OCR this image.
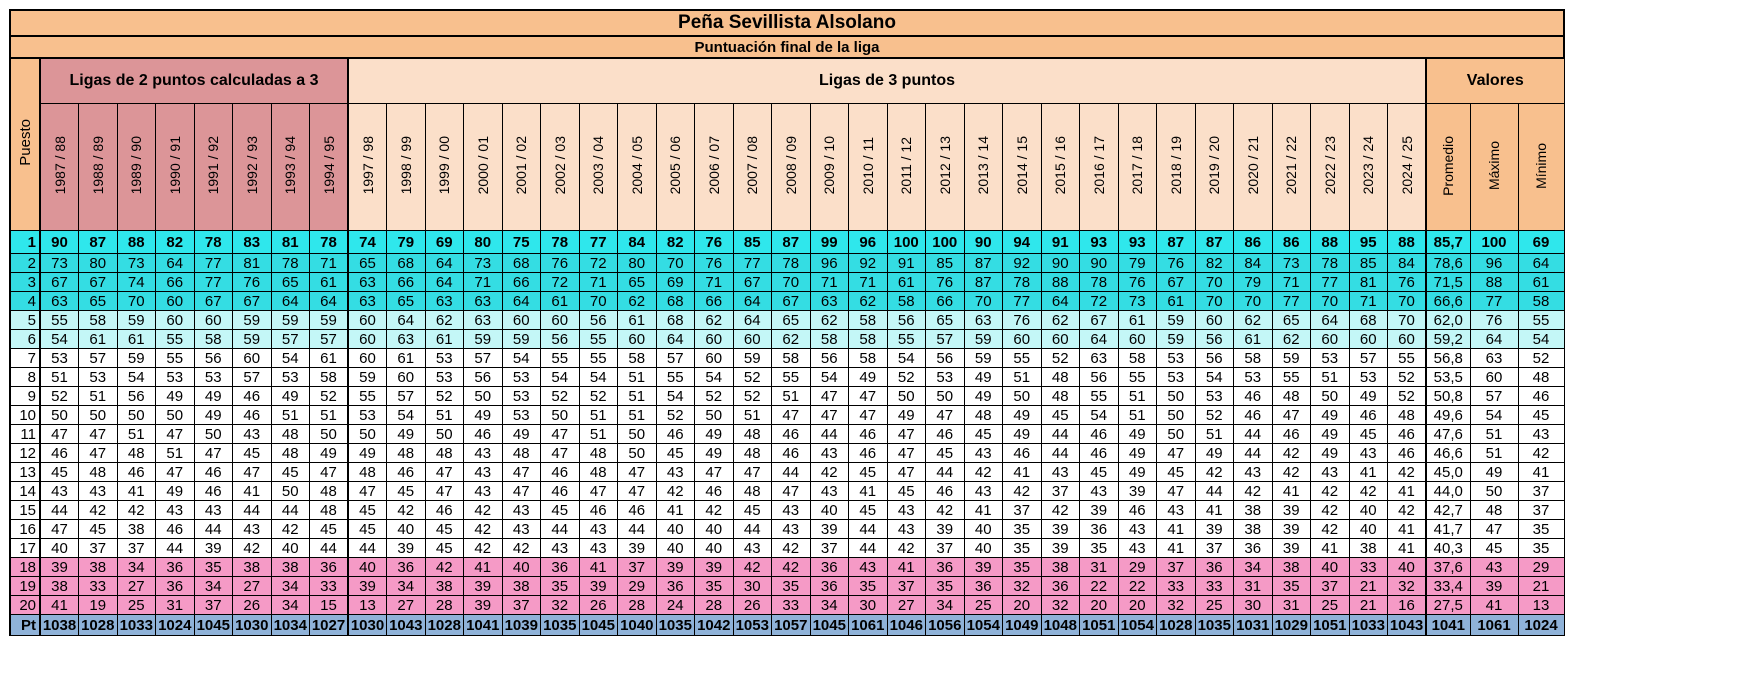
Peña Sevillista Alsolano																																							
Puntuación final de la liga																																							
Puesto	Ligas de 2 puntos calculadas a 3								Ligas de 3 puntos																												Valores		
	1987 / 88	1988 / 89	1989 / 90	1990 / 91	1991 / 92	1992 / 93	1993 / 94	1994 / 95	1997 / 98	1998 / 99	1999 / 00	2000 / 01	2001 / 02	2002 / 03	2003 / 04	2004 / 05	2005 / 06	2006 / 07	2007 / 08	2008 / 09	2009 / 10	2010 / 11	2011 / 12	2012 / 13	2013 / 14	2014 / 15	2015 / 16	2016 / 17	2017 / 18	2018 / 19	2019 / 20	2020 / 21	2021 / 22	2022 / 23	2023 / 24	2024 / 25	Promedio	Máximo	Mínimo
1	90	87	88	82	78	83	81	78	74	79	69	80	75	78	77	84	82	76	85	87	99	96	100	100	90	94	91	93	93	87	87	86	86	88	95	88	85,7	100	69
2	73	80	73	64	77	81	78	71	65	68	64	73	68	76	72	80	70	76	77	78	96	92	91	85	87	92	90	90	79	76	82	84	73	78	85	84	78,6	96	64
3	67	67	74	66	77	76	65	61	63	66	64	71	66	72	71	65	69	71	67	70	71	71	61	76	87	78	88	78	76	67	70	79	71	77	81	76	71,5	88	61
4	63	65	70	60	67	67	64	64	63	65	63	63	64	61	70	62	68	66	64	67	63	62	58	66	70	77	64	72	73	61	70	70	77	70	71	70	66,6	77	58
5	55	58	59	60	60	59	59	59	60	64	62	63	60	60	56	61	68	62	64	65	62	58	56	65	63	76	62	67	61	59	60	62	65	64	68	70	62,0	76	55
6	54	61	61	55	58	59	57	57	60	63	61	59	59	56	55	60	64	60	60	62	58	58	55	57	59	60	60	64	60	59	56	61	62	60	60	60	59,2	64	54
7	53	57	59	55	56	60	54	61	60	61	53	57	54	55	55	58	57	60	59	58	56	58	54	56	59	55	52	63	58	53	56	58	59	53	57	55	56,8	63	52
8	51	53	54	53	53	57	53	58	59	60	53	56	53	54	54	51	55	54	52	55	54	49	52	53	49	51	48	56	55	53	54	53	55	51	53	52	53,5	60	48
9	52	51	56	49	49	46	49	52	55	57	52	50	53	52	52	51	54	52	52	51	47	47	50	50	49	50	48	55	51	50	53	46	48	50	49	52	50,8	57	46
10	50	50	50	50	49	46	51	51	53	54	51	49	53	50	51	51	52	50	51	47	47	47	49	47	48	49	45	54	51	50	52	46	47	49	46	48	49,6	54	45
11	47	47	51	47	50	43	48	50	50	49	50	46	49	47	51	50	46	49	48	46	44	46	47	46	45	49	44	46	49	50	51	44	46	49	45	46	47,6	51	43
12	46	47	48	51	47	45	48	49	49	48	48	43	48	47	48	50	45	49	48	46	43	46	47	45	43	46	44	46	49	47	49	44	42	49	43	46	46,6	51	42
13	45	48	46	47	46	47	45	47	48	46	47	43	47	46	48	47	43	47	47	44	42	45	47	44	42	41	43	45	49	45	42	43	42	43	41	42	45,0	49	41
14	43	43	41	49	46	41	50	48	47	45	47	43	47	46	47	47	42	46	48	47	43	41	45	46	43	42	37	43	39	47	44	42	41	42	42	41	44,0	50	37
15	44	42	42	43	43	44	44	48	45	42	46	42	43	45	46	46	41	42	45	43	40	45	43	42	41	37	42	39	46	43	41	38	39	42	40	42	42,7	48	37
16	47	45	38	46	44	43	42	45	45	40	45	42	43	44	43	44	40	40	44	43	39	44	43	39	40	35	39	36	43	41	39	38	39	42	40	41	41,7	47	35
17	40	37	37	44	39	42	40	44	44	39	45	42	42	43	43	39	40	40	43	42	37	44	42	37	40	35	39	35	43	41	37	36	39	41	38	41	40,3	45	35
18	39	38	34	36	35	38	38	36	40	36	42	41	40	36	41	37	39	39	42	42	36	43	41	36	39	35	38	31	29	37	36	34	38	40	33	40	37,6	43	29
19	38	33	27	36	34	27	34	33	39	34	38	39	38	35	39	29	36	35	30	35	36	35	37	35	36	32	36	22	22	33	33	31	35	37	21	32	33,4	39	21
20	41	19	25	31	37	26	34	15	13	27	28	39	37	32	26	28	24	28	26	33	34	30	27	34	25	20	32	20	20	32	25	30	31	25	21	16	27,5	41	13
Pt	1038	1028	1033	1024	1045	1030	1034	1027	1030	1043	1028	1041	1039	1035	1045	1040	1035	1042	1053	1057	1045	1061	1046	1056	1054	1049	1048	1051	1054	1028	1035	1031	1029	1051	1033	1043	1041	1061	1024
